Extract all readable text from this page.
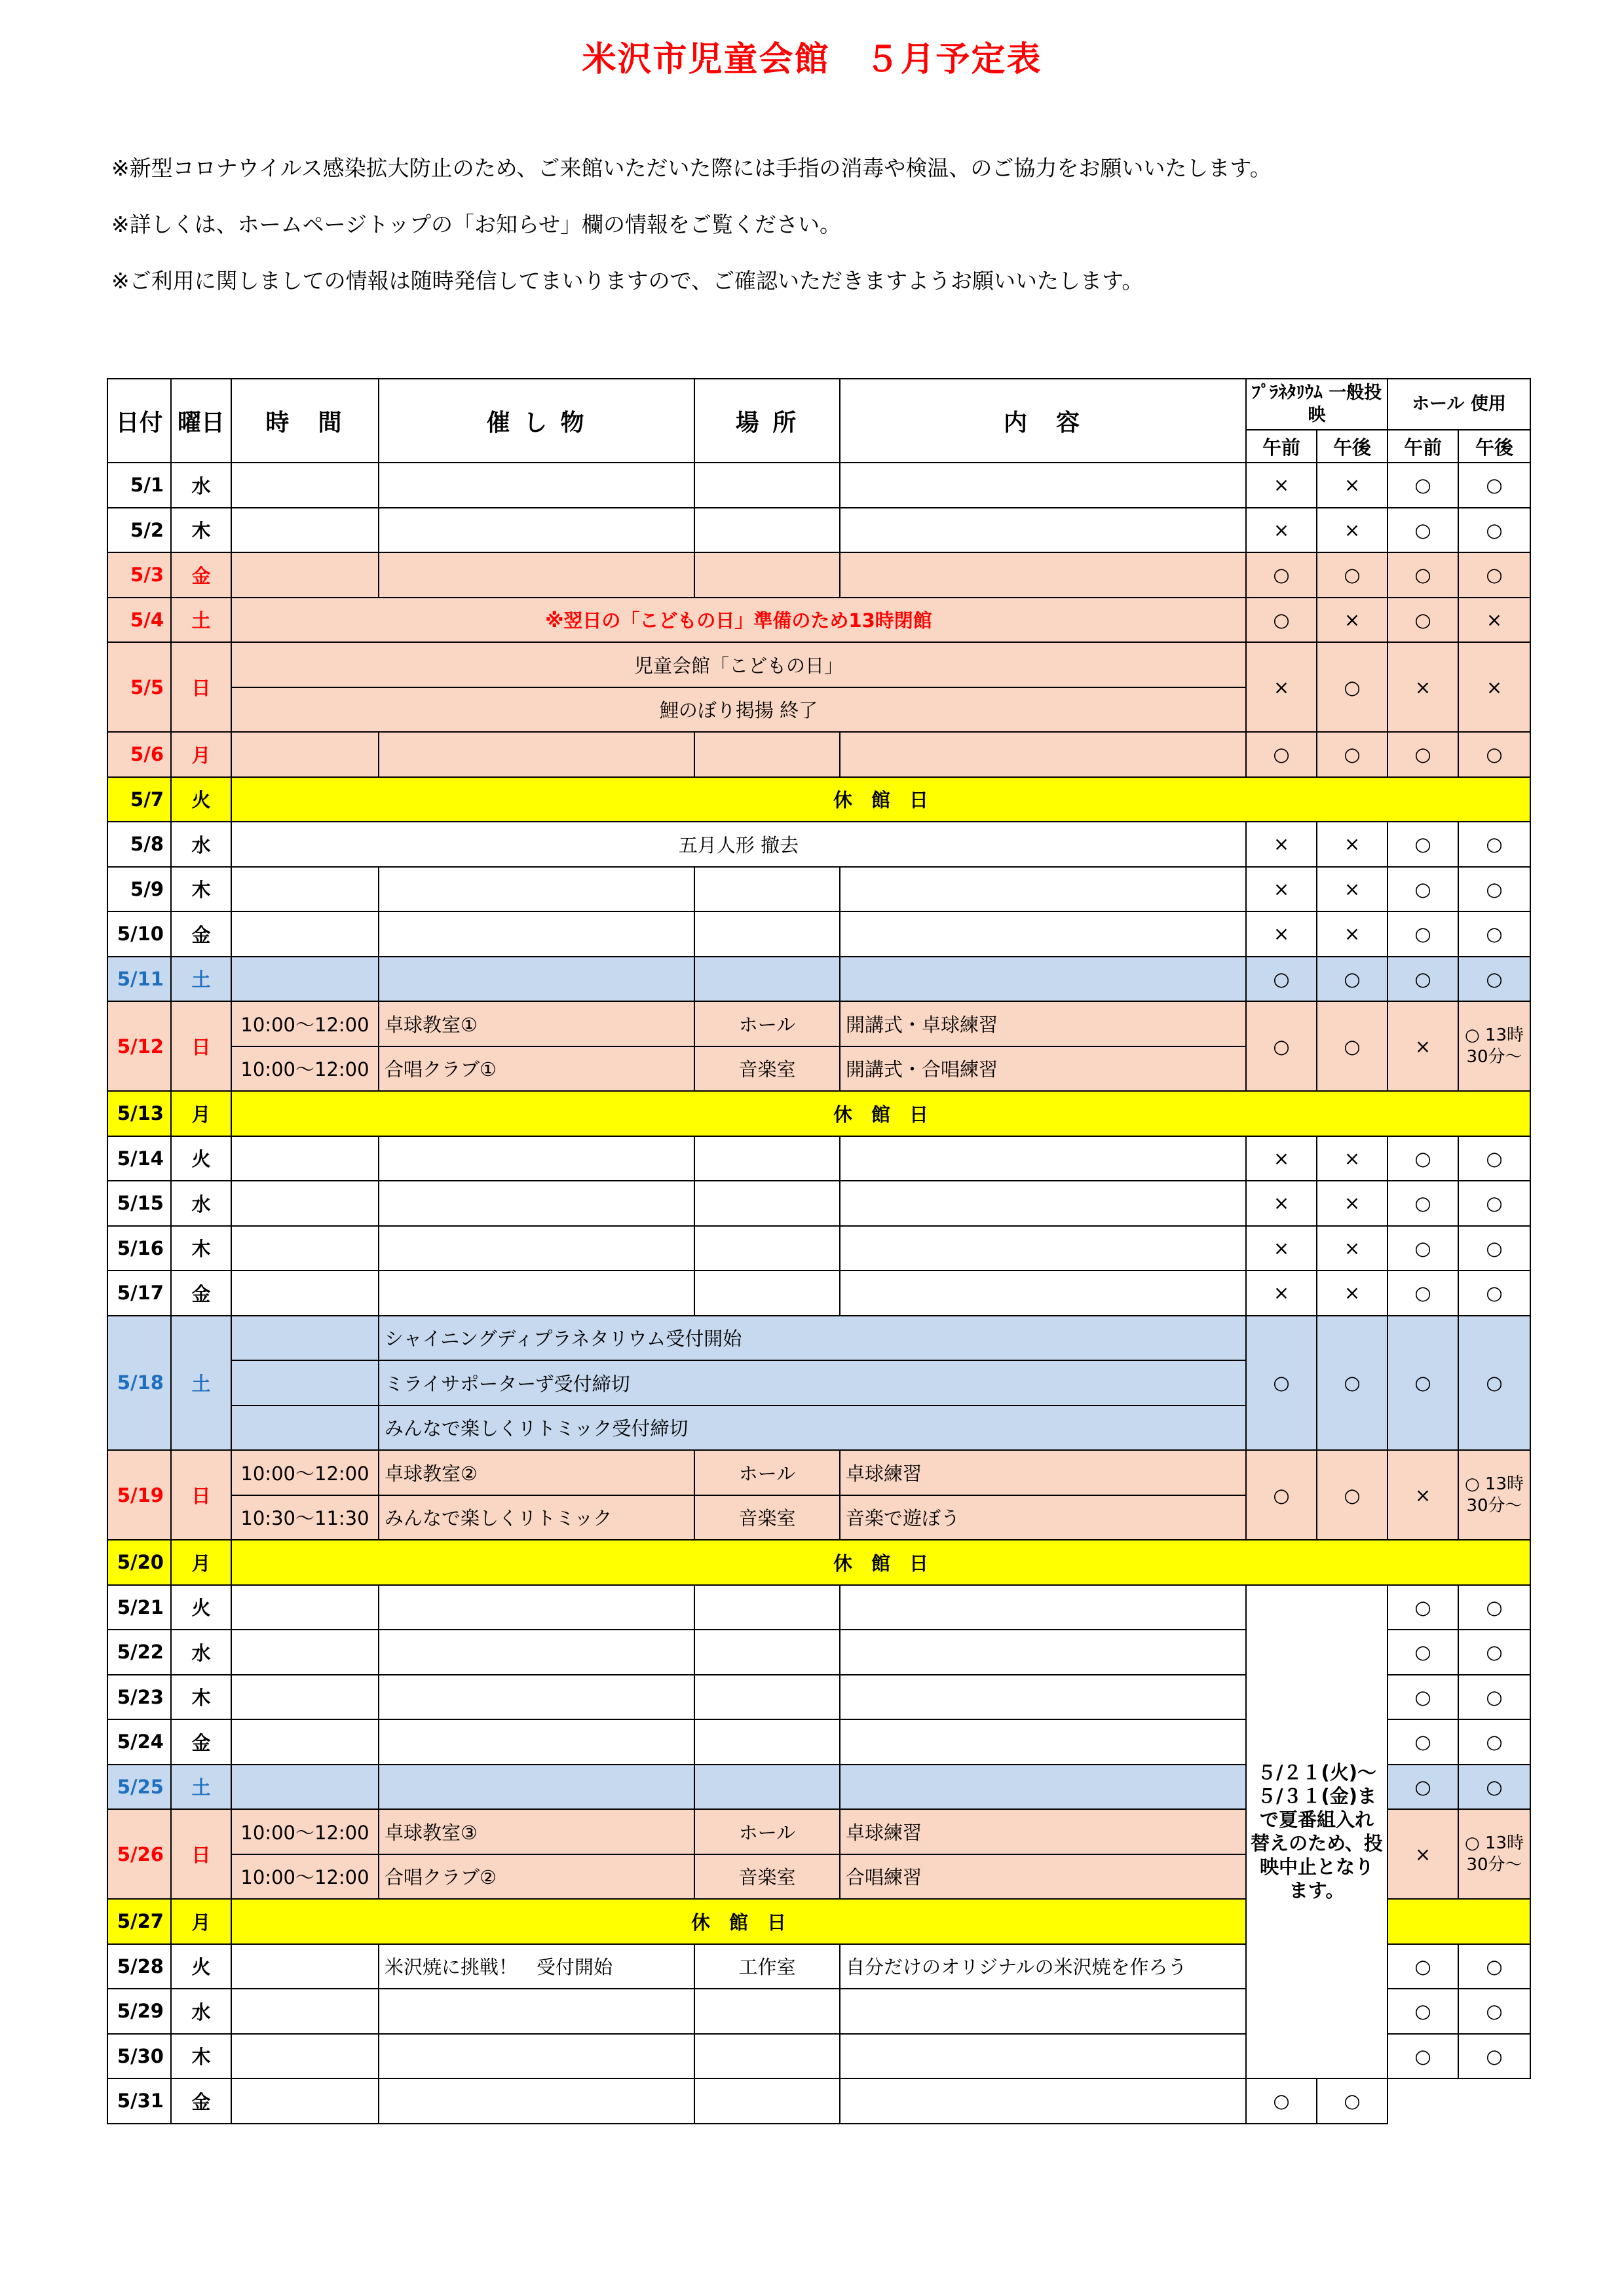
米沢市児童会館　５月予定表
※新型コロナウイルス感染拡大防止のため、ご来館いただいた際には手指の消毒や検温、のご協力をお願いいたします。
※詳しくは、ホームページトップの「お知らせ」欄の情報をご覧ください。
※ご利用に関しましての情報は随時発信してまいりますので、ご確認いただきますようお願いいたします。
日付	曜日	時　間	催 し 物	場 所	内　容	ﾌﾟﾗﾈﾀﾘｳﾑ 一般投映		ホール 使用	
						午前	午後	午前	午後
5/1	水					×	×	○	○
5/2	木					×	×	○	○
5/3	金					○	○	○	○
5/4	土	※翌日の「こどもの日」準備のため13時閉館				○	×	○	×
5/5	日	児童会館「こどもの日」				×	○	×	×
		鯉のぼり掲揚 終了							
5/6	月					○	○	○	○
5/7	火	休　館　日							
5/8	水	五月人形 撤去				×	×	○	○
5/9	木					×	×	○	○
5/10	金					×	×	○	○
5/11	土					○	○	○	○
5/12	日	10:00～12:00	卓球教室①	ホール	開講式・卓球練習	○	○	×	○ 13時30分～
		10:00～12:00	合唱クラブ①	音楽室	開講式・合唱練習				
5/13	月	休　館　日							
5/14	火					×	×	○	○
5/15	水					×	×	○	○
5/16	木					×	×	○	○
5/17	金					×	×	○	○
5/18	土		シャイニングディプラネタリウム受付開始			○	○	○	○
			ミライサポーターず受付締切						
			みんなで楽しくリトミック受付締切						
5/19	日	10:00～12:00	卓球教室②	ホール	卓球練習	○	○	×	○ 13時30分～
		10:30～11:30	みんなで楽しくリトミック	音楽室	音楽で遊ぼう				
5/20	月	休　館　日							
5/21	火					５/２１(火)～５/３１(金)まで夏番組入れ替えのため、投映中止となります。		○	○
5/22	水							○	○
5/23	木							○	○
5/24	金							○	○
5/25	土							○	○
5/26	日	10:00～12:00	卓球教室③	ホール	卓球練習			×	○ 13時30分～
		10:00～12:00	合唱クラブ②	音楽室	合唱練習				
5/27	月	休　館　日							
5/28	火		米沢焼に挑戦！　受付開始	工作室	自分だけのオリジナルの米沢焼を作ろう			○	○
5/29	水							○	○
5/30	木							○	○
5/31	金					○	○		
